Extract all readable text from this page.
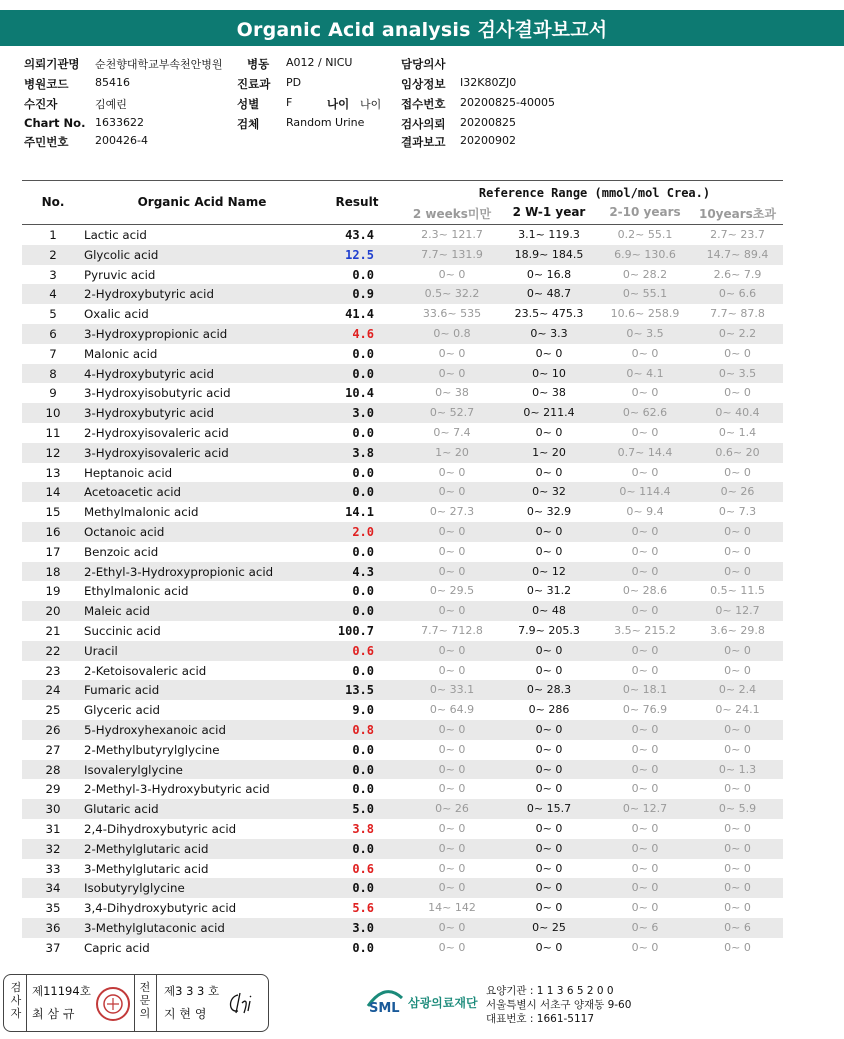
Organic Acid analysis 검사결과보고서
의뢰기관명 순천향대학교부속천안병원 병동 A012 / NICU	담당의사
병원코드 85416	진료과 PD	임상정보 I32K80ZJ0
수진자	김예린	성별 F	나이 나이 접수번호 20200825-40005
Chart No. 1633622	검체 Random Urine	검사의뢰 20200825
주민번호 200426-4	결과보고 20200902
No.	Organic Acid Name	Result
Reference Range (mmol/mol Crea.)
2 weeks미만	2 W-1 year	2-10 years	10years초과
1	Lactic acid	43.4	2.3~ 121.7	3.1~ 119.3	0.2~ 55.1	2.7~ 23.7
2	Glycolic acid	12.5	7.7~ 131.9	18.9~ 184.5	6.9~ 130.6	14.7~ 89.4
3	Pyruvic acid	0.0	0~ 0	0~ 16.8	0~ 28.2	2.6~ 7.9
4	2-Hydroxybutyric acid	0.9	0.5~ 32.2	0~ 48.7	0~ 55.1	0~ 6.6
5	Oxalic acid	41.4	33.6~ 535	23.5~ 475.3	10.6~ 258.9	7.7~ 87.8
6	3-Hydroxypropionic acid	4.6	0~ 0.8	0~ 3.3	0~ 3.5	0~ 2.2
7	Malonic acid	0.0	0~ 0	0~ 0	0~ 0	0~ 0
8	4-Hydroxybutyric acid	0.0	0~ 0	0~ 10	0~ 4.1	0~ 3.5
9	3-Hydroxyisobutyric acid	10.4	0~ 38	0~ 38	0~ 0	0~ 0
10	3-Hydroxybutyric acid	3.0	0~ 52.7	0~ 211.4	0~ 62.6	0~ 40.4
11	2-Hydroxyisovaleric acid	0.0	0~ 7.4	0~ 0	0~ 0	0~ 1.4
12	3-Hydroxyisovaleric acid	3.8	1~ 20	1~ 20	0.7~ 14.4	0.6~ 20
13	Heptanoic acid	0.0	0~ 0	0~ 0	0~ 0	0~ 0
14	Acetoacetic acid	0.0	0~ 0	0~ 32	0~ 114.4	0~ 26
15	Methylmalonic acid	14.1	0~ 27.3	0~ 32.9	0~ 9.4	0~ 7.3
16	Octanoic acid	2.0	0~ 0	0~ 0	0~ 0	0~ 0
17	Benzoic acid	0.0	0~ 0	0~ 0	0~ 0	0~ 0
18	2-Ethyl-3-Hydroxypropionic acid	4.3	0~ 0	0~ 12	0~ 0	0~ 0
19	Ethylmalonic acid	0.0	0~ 29.5	0~ 31.2	0~ 28.6	0.5~ 11.5
20	Maleic acid	0.0	0~ 0	0~ 48	0~ 0	0~ 12.7
21	Succinic acid	100.7	7.7~ 712.8	7.9~ 205.3	3.5~ 215.2	3.6~ 29.8
22	Uracil	0.6	0~ 0	0~ 0	0~ 0	0~ 0
23	2-Ketoisovaleric acid	0.0	0~ 0	0~ 0	0~ 0	0~ 0
24	Fumaric acid	13.5	0~ 33.1	0~ 28.3	0~ 18.1	0~ 2.4
25	Glyceric acid	9.0	0~ 64.9	0~ 286	0~ 76.9	0~ 24.1
26	5-Hydroxyhexanoic acid	0.8	0~ 0	0~ 0	0~ 0	0~ 0
27	2-Methylbutyrylglycine	0.0	0~ 0	0~ 0	0~ 0	0~ 0
28	Isovalerylglycine	0.0	0~ 0	0~ 0	0~ 0	0~ 1.3
29	2-Methyl-3-Hydroxybutyric acid	0.0	0~ 0	0~ 0	0~ 0	0~ 0
30	Glutaric acid	5.0	0~ 26	0~ 15.7	0~ 12.7	0~ 5.9
31	2,4-Dihydroxybutyric acid	3.8	0~ 0	0~ 0	0~ 0	0~ 0
32	2-Methylglutaric acid	0.0	0~ 0	0~ 0	0~ 0	0~ 0
33	3-Methylglutaric acid	0.6	0~ 0	0~ 0	0~ 0	0~ 0
34	Isobutyrylglycine	0.0	0~ 0	0~ 0	0~ 0	0~ 0
35	3,4-Dihydroxybutyric acid	5.6	14~ 142	0~ 0	0~ 0	0~ 0
36	3-Methylglutaconic acid	3.0	0~ 0	0~ 25	0~ 6	0~ 6
37	Capric acid	0.0	0~ 0	0~ 0	0~ 0	0~ 0
검사자
제11194호
최 삼 규
전문의
제3 3 3 호
지 현 영	SML 삼광의료재단
요양기관 : 1 1 3 6 5 2 0 0
서울특별시 서초구 양재동 9-60
대표번호 : 1661-5117
